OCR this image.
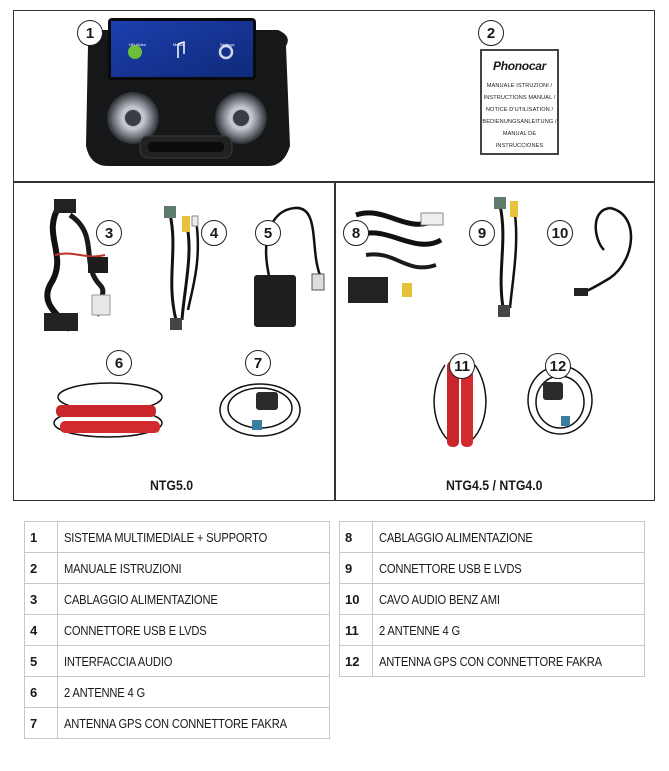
HD Video	Music	Settings
Phonocar
MANUALE ISTRUZIONI /
INSTRUCTIONS MANUAL /
NOTICE D'UTILISATION /
BEDIENUNGSANLEITUNG /
MANUAL DE INSTRUCCIONES
1	2
3	4	5
6	7
8	9	10
11	12
NTG5.0	NTG4.5 / NTG4.0
1	SISTEMA MULTIMEDIALE + SUPPORTO
2	MANUALE ISTRUZIONI
3	CABLAGGIO ALIMENTAZIONE
4	CONNETTORE USB E LVDS
5	INTERFACCIA AUDIO
6	2 ANTENNE 4 G
7	ANTENNA GPS CON CONNETTORE FAKRA
8	CABLAGGIO ALIMENTAZIONE
9	CONNETTORE USB E LVDS
10	CAVO AUDIO BENZ AMI
11	2 ANTENNE 4 G
12	ANTENNA GPS CON CONNETTORE FAKRA
